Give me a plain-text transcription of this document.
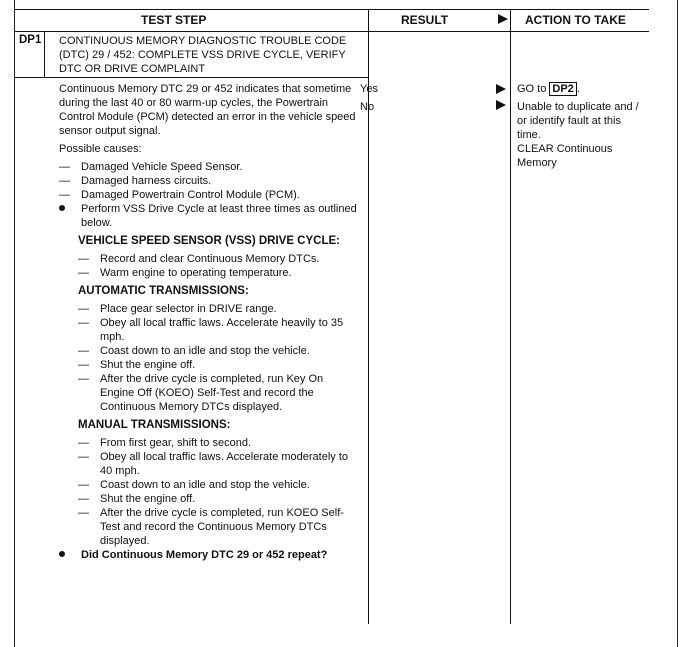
TEST STEP	RESULT	ACTION TO TAKE
DP1 CONTINUOUS MEMORY DIAGNOSTIC TROUBLE CODE (DTC) 29 / 452: COMPLETE VSS DRIVE CYCLE, VERIFY DTC OR DRIVE COMPLAINT

Continuous Memory DTC 29 or 452 indicates that sometime during the last 40 or 80 warm-up cycles, the Powertrain Control Module (PCM) detected an error in the vehicle speed sensor output signal.

Possible causes:

—	Damaged Vehicle Speed Sensor.
—	Damaged harness circuits.
—	Damaged Powertrain Control Module (PCM).
Perform VSS Drive Cycle at least three times as outlined below.
VEHICLE SPEED SENSOR (VSS) DRIVE CYCLE:
—	Record and clear Continuous Memory DTCs.
—	Warm engine to operating temperature.
AUTOMATIC TRANSMISSIONS:
—	Place gear selector in DRIVE range.
—	Obey all local traffic laws. Accelerate heavily to 35 mph.
—	Coast down to an idle and stop the vehicle.
—	Shut the engine off.
—	After the drive cycle is completed, run Key On Engine Off (KOEO) Self-Test and record the Continuous Memory DTCs displayed.
MANUAL TRANSMISSIONS:
—	From first gear, shift to second.
—	Obey all local traffic laws. Accelerate moderately to 40 mph.
—	Coast down to an idle and stop the vehicle.
—	Shut the engine off.
—	After the drive cycle is completed, run KOEO Self-Test and record the Continuous Memory DTCs displayed.
Did Continuous Memory DTC 29 or 452 repeat?
Yes	GO to DP2 .
No	Unable to duplicate and / or identify fault at this time.
CLEAR Continuous Memory
